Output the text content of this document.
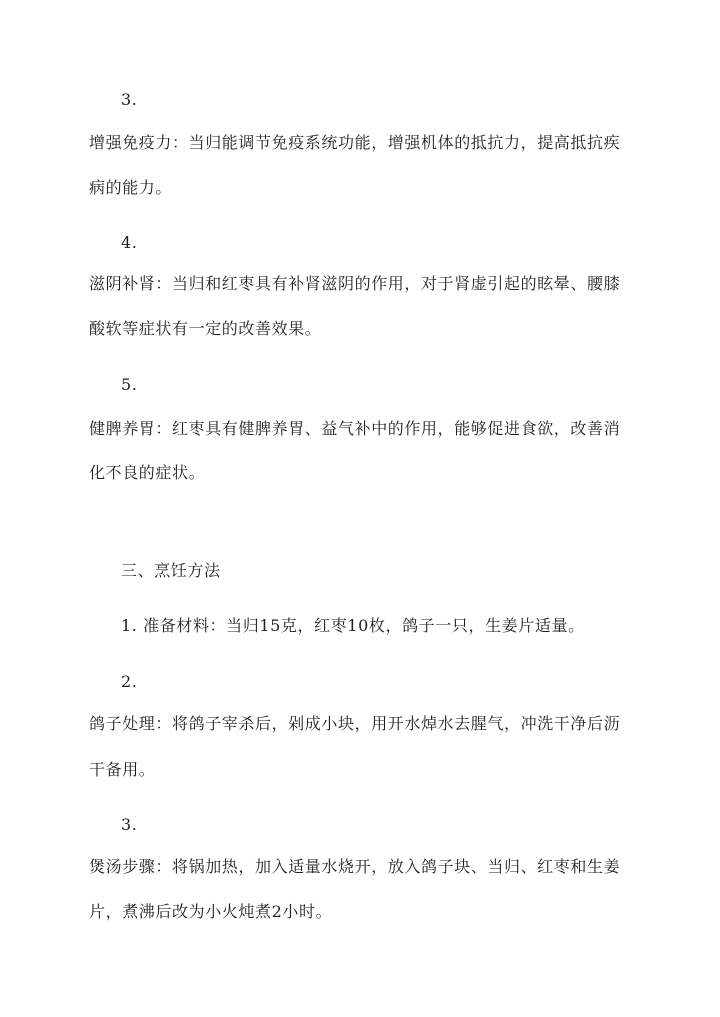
3.
增强免疫力：当归能调节免疫系统功能，增强机体的抵抗力，提高抵抗疾
病的能力。
4.
滋阴补肾：当归和红枣具有补肾滋阴的作用，对于肾虚引起的眩晕、腰膝
酸软等症状有一定的改善效果。
5.
健脾养胃：红枣具有健脾养胃、益气补中的作用，能够促进食欲，改善消
化不良的症状。
三、烹饪方法
1. 准备材料：当归15克，红枣10枚，鸽子一只，生姜片适量。
2.
鸽子处理：将鸽子宰杀后，剁成小块，用开水焯水去腥气，冲洗干净后沥
干备用。
3.
煲汤步骤：将锅加热，加入适量水烧开，放入鸽子块、当归、红枣和生姜
片，煮沸后改为小火炖煮2小时。
